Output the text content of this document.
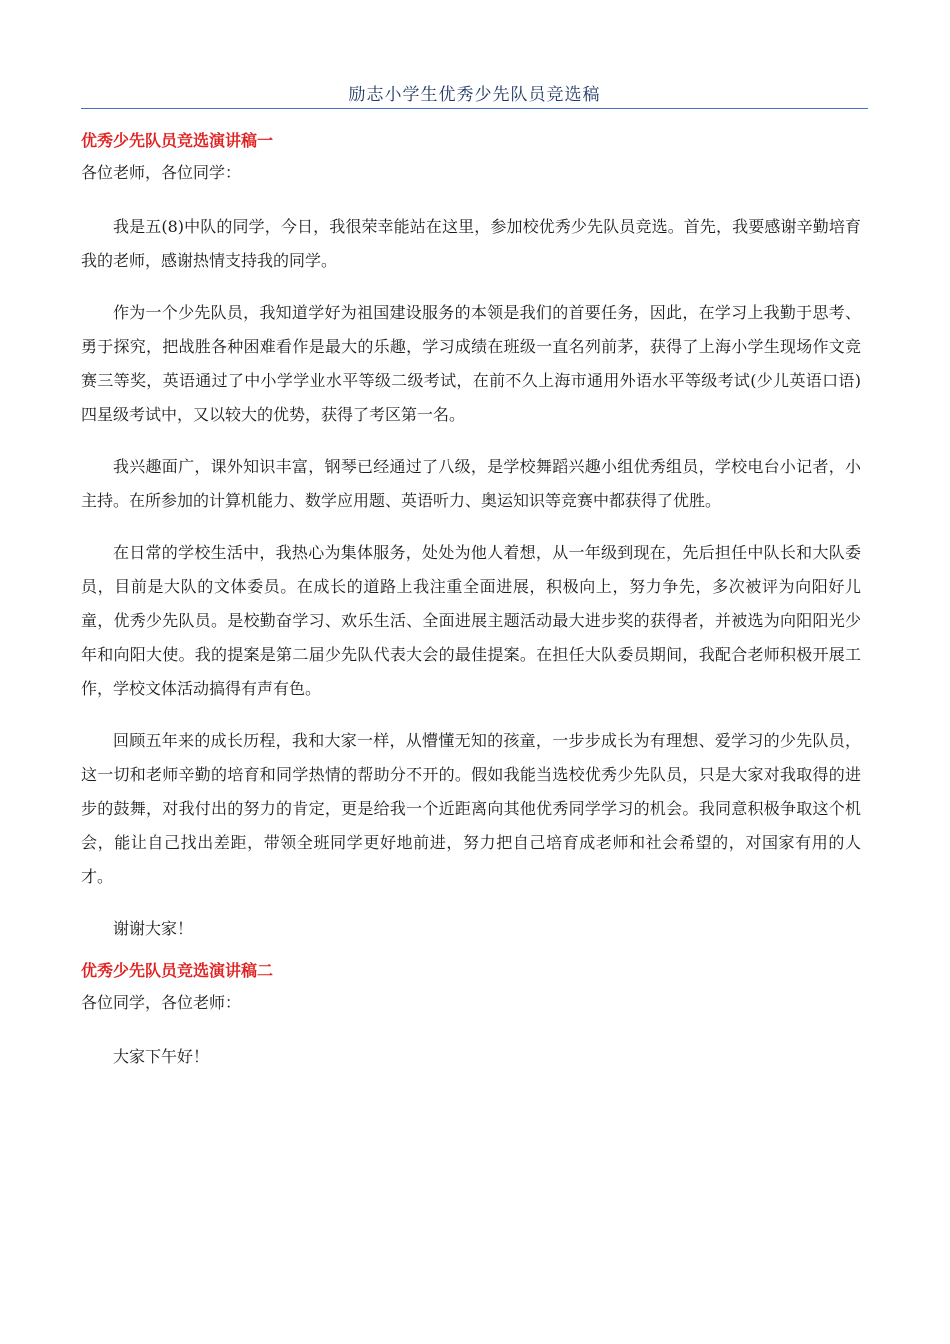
励志小学生优秀少先队员竞选稿
优秀少先队员竞选演讲稿一

各位老师，各位同学：

我是五(8)中队的同学，今日，我很荣幸能站在这里，参加校优秀少先队员竞选。首先，我要感谢辛勤培育我的老师，感谢热情支持我的同学。

作为一个少先队员，我知道学好为祖国建设服务的本领是我们的首要任务，因此，在学习上我勤于思考、勇于探究，把战胜各种困难看作是最大的乐趣，学习成绩在班级一直名列前茅，获得了上海小学生现场作文竞赛三等奖，英语通过了中小学学业水平等级二级考试，在前不久上海市通用外语水平等级考试(少儿英语口语)四星级考试中，又以较大的优势，获得了考区第一名。

我兴趣面广，课外知识丰富，钢琴已经通过了八级，是学校舞蹈兴趣小组优秀组员，学校电台小记者，小主持。在所参加的计算机能力、数学应用题、英语听力、奥运知识等竞赛中都获得了优胜。

在日常的学校生活中，我热心为集体服务，处处为他人着想，从一年级到现在，先后担任中队长和大队委员，目前是大队的文体委员。在成长的道路上我注重全面进展，积极向上，努力争先，多次被评为向阳好儿童，优秀少先队员。是校勤奋学习、欢乐生活、全面进展主题活动最大进步奖的获得者，并被选为向阳阳光少年和向阳大使。我的提案是第二届少先队代表大会的最佳提案。在担任大队委员期间，我配合老师积极开展工作，学校文体活动搞得有声有色。

回顾五年来的成长历程，我和大家一样，从懵懂无知的孩童，一步步成长为有理想、爱学习的少先队员，这一切和老师辛勤的培育和同学热情的帮助分不开的。假如我能当选校优秀少先队员，只是大家对我取得的进步的鼓舞，对我付出的努力的肯定，更是给我一个近距离向其他优秀同学学习的机会。我同意积极争取这个机会，能让自己找出差距，带领全班同学更好地前进，努力把自己培育成老师和社会希望的，对国家有用的人才。

谢谢大家！

优秀少先队员竞选演讲稿二

各位同学，各位老师：

大家下午好！
